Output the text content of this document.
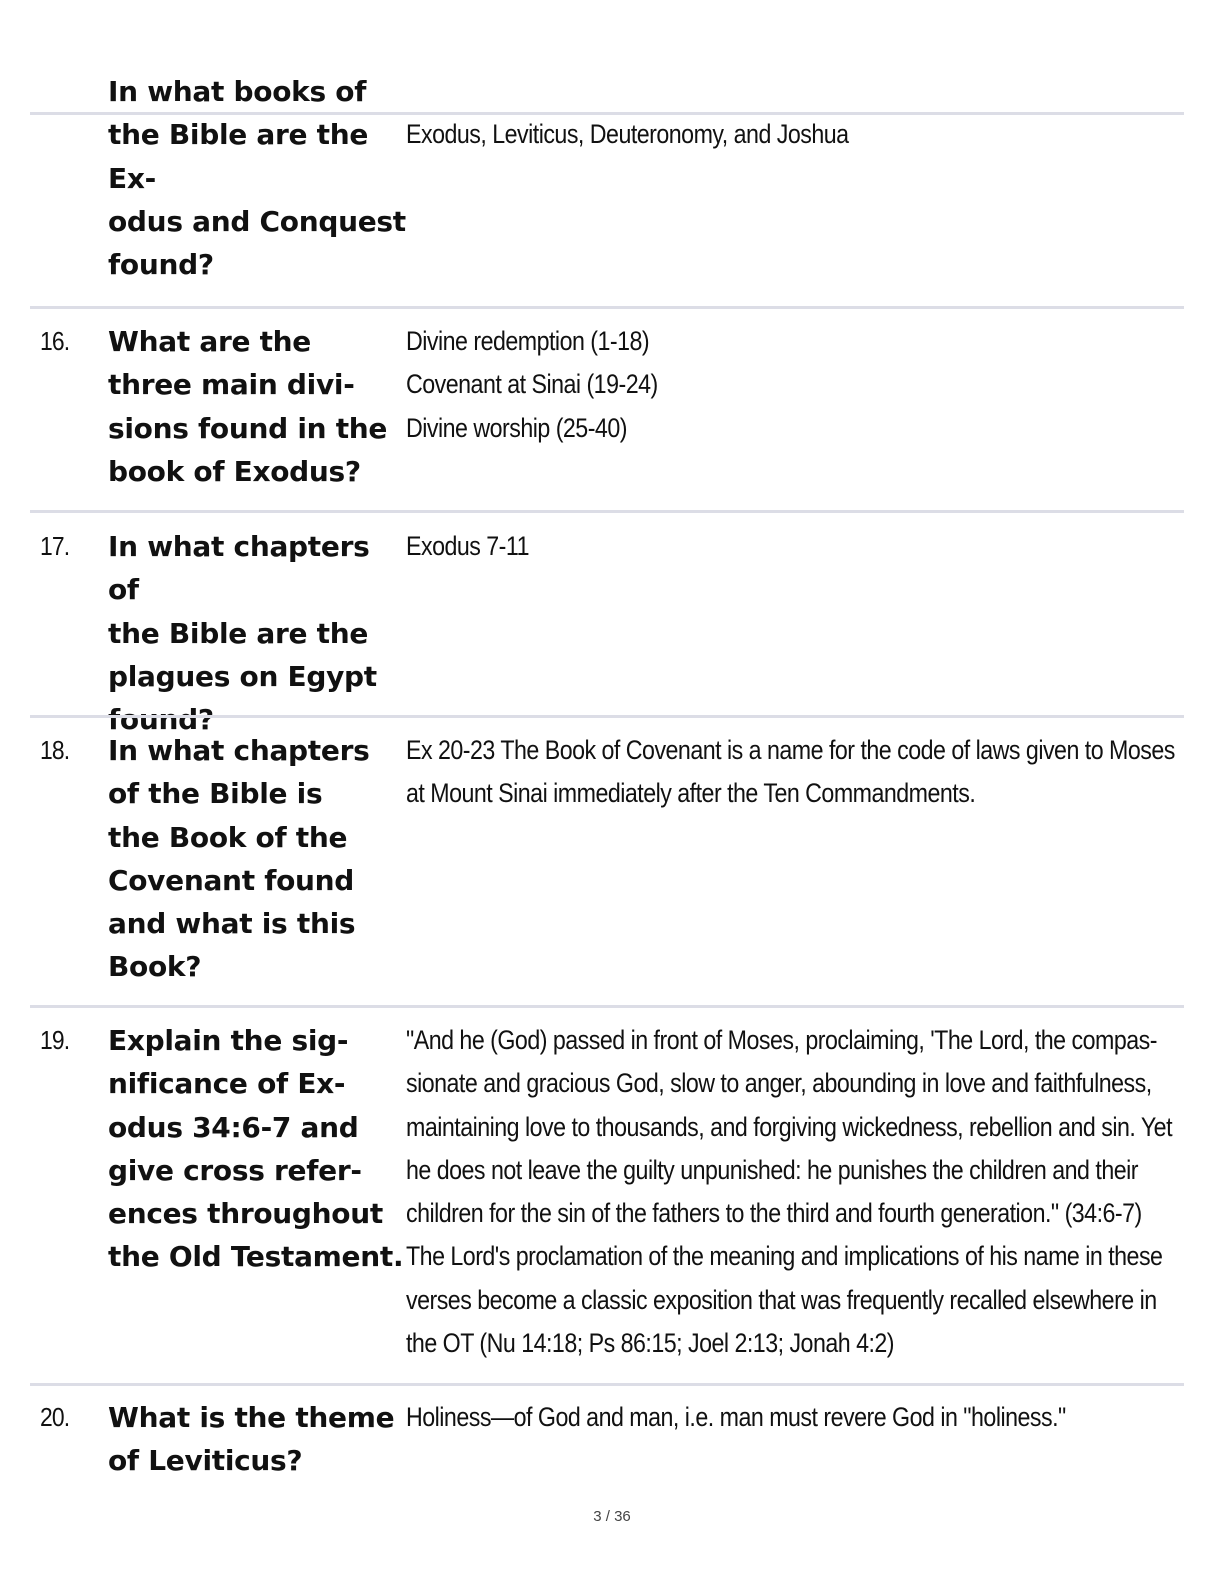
In what books of
the Bible are the Ex-
odus and Conquest
found?
Exodus, Leviticus, Deuteronomy, and Joshua
16. What are the
three main divi-
sions found in the
book of Exodus?
Divine redemption (1-18)
Covenant at Sinai (19-24)
Divine worship (25-40)
17. In what chapters of
the Bible are the
plagues on Egypt
found?
Exodus 7-11
18. In what chapters
of the Bible is
the Book of the
Covenant found
and what is this
Book?
Ex 20-23 The Book of Covenant is a name for the code of laws given to Moses
at Mount Sinai immediately after the Ten Commandments.
19. Explain the sig-
nificance of Ex-
odus 34:6-7 and
give cross refer-
ences throughout
the Old Testament.
"And he (God) passed in front of Moses, proclaiming, 'The Lord, the compas-
sionate and gracious God, slow to anger, abounding in love and faithfulness,
maintaining love to thousands, and forgiving wickedness, rebellion and sin. Yet
he does not leave the guilty unpunished: he punishes the children and their
children for the sin of the fathers to the third and fourth generation." (34:6-7)
The Lord's proclamation of the meaning and implications of his name in these
verses become a classic exposition that was frequently recalled elsewhere in
the OT (Nu 14:18; Ps 86:15; Joel 2:13; Jonah 4:2)
20. What is the theme
of Leviticus?
Holiness—of God and man, i.e. man must revere God in "holiness."
3 / 36
